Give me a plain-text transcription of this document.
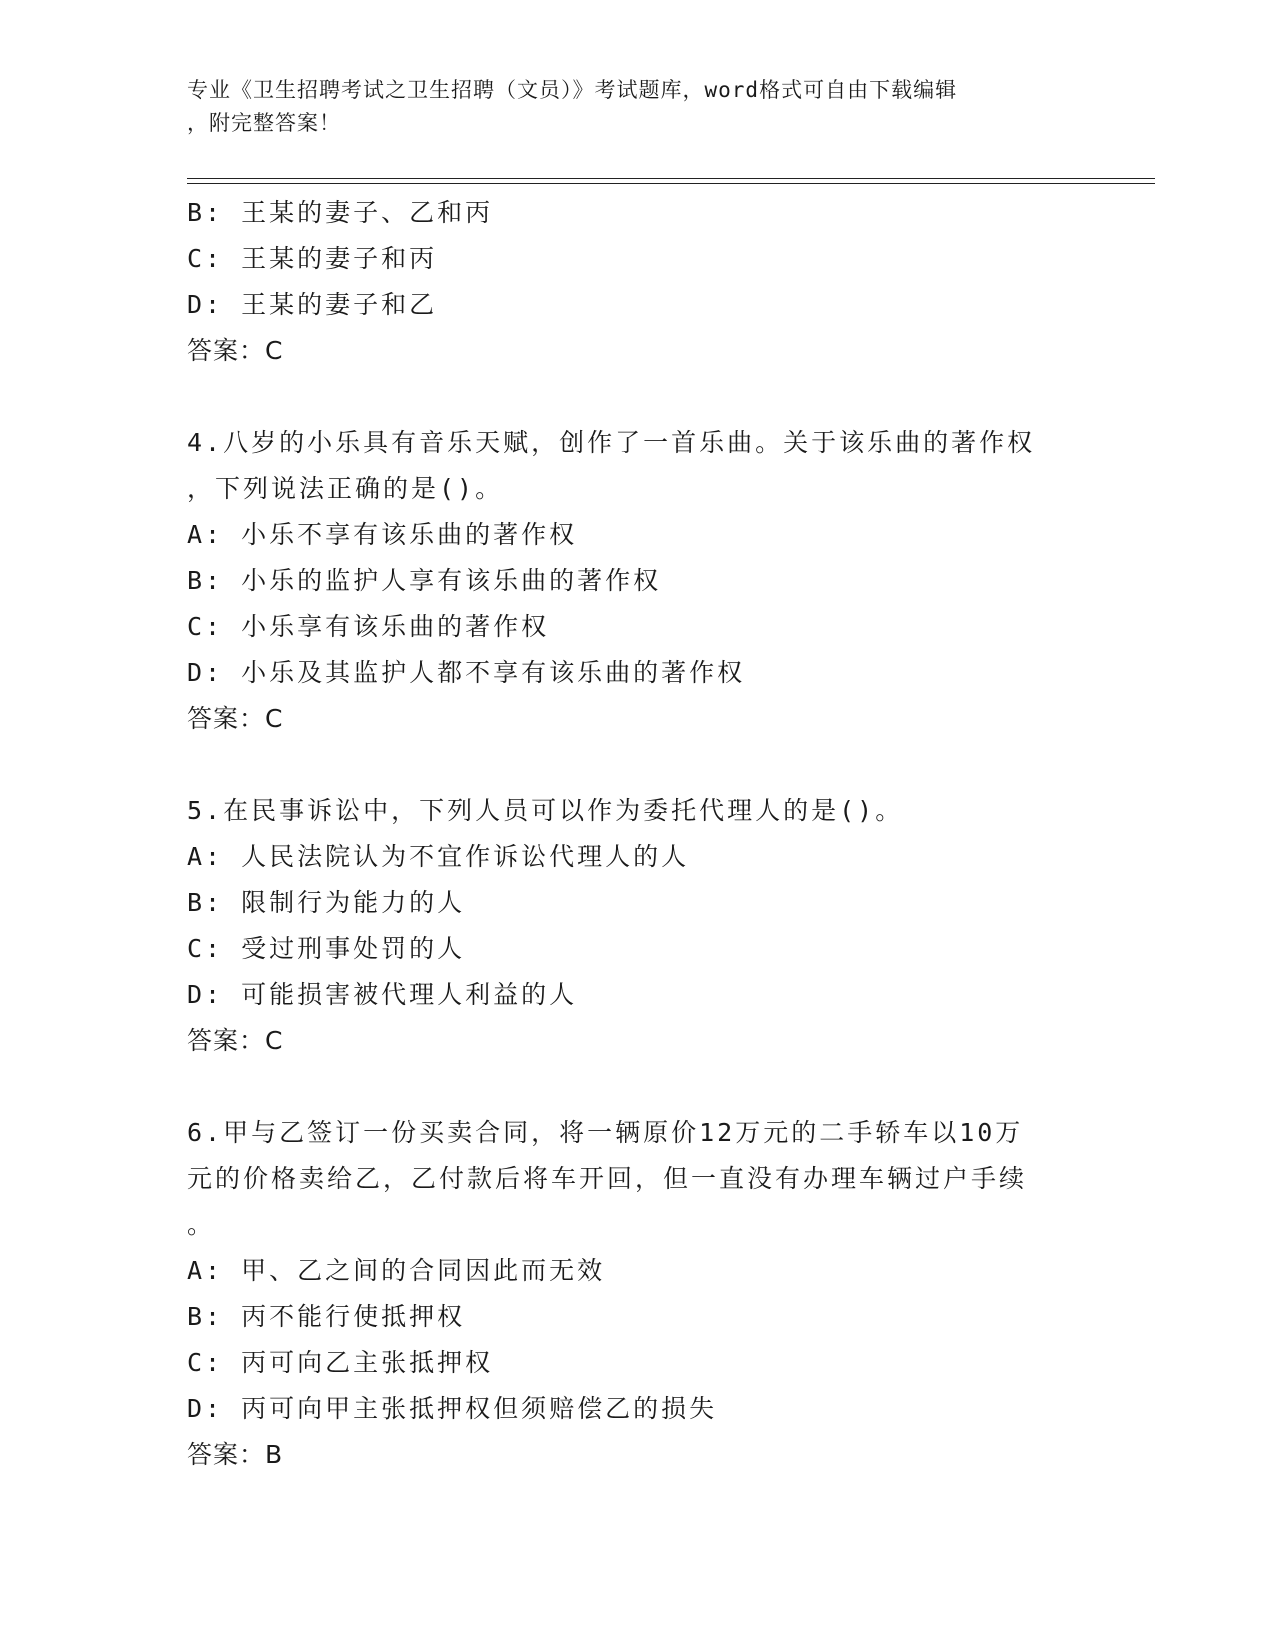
专业《卫生招聘考试之卫生招聘（文员）》考试题库，word格式可自由下载编辑
，附完整答案！
B: 王某的妻子、乙和丙
C: 王某的妻子和丙
D: 王某的妻子和乙
答案：C
4.八岁的小乐具有音乐天赋，创作了一首乐曲。关于该乐曲的著作权
，下列说法正确的是()。
A: 小乐不享有该乐曲的著作权
B: 小乐的监护人享有该乐曲的著作权
C: 小乐享有该乐曲的著作权
D: 小乐及其监护人都不享有该乐曲的著作权
答案：C
5.在民事诉讼中，下列人员可以作为委托代理人的是()。
A: 人民法院认为不宜作诉讼代理人的人
B: 限制行为能力的人
C: 受过刑事处罚的人
D: 可能损害被代理人利益的人
答案：C
6.甲与乙签订一份买卖合同，将一辆原价12万元的二手轿车以10万
元的价格卖给乙，乙付款后将车开回，但一直没有办理车辆过户手续
。
A: 甲、乙之间的合同因此而无效
B: 丙不能行使抵押权
C: 丙可向乙主张抵押权
D: 丙可向甲主张抵押权但须赔偿乙的损失
答案：B
